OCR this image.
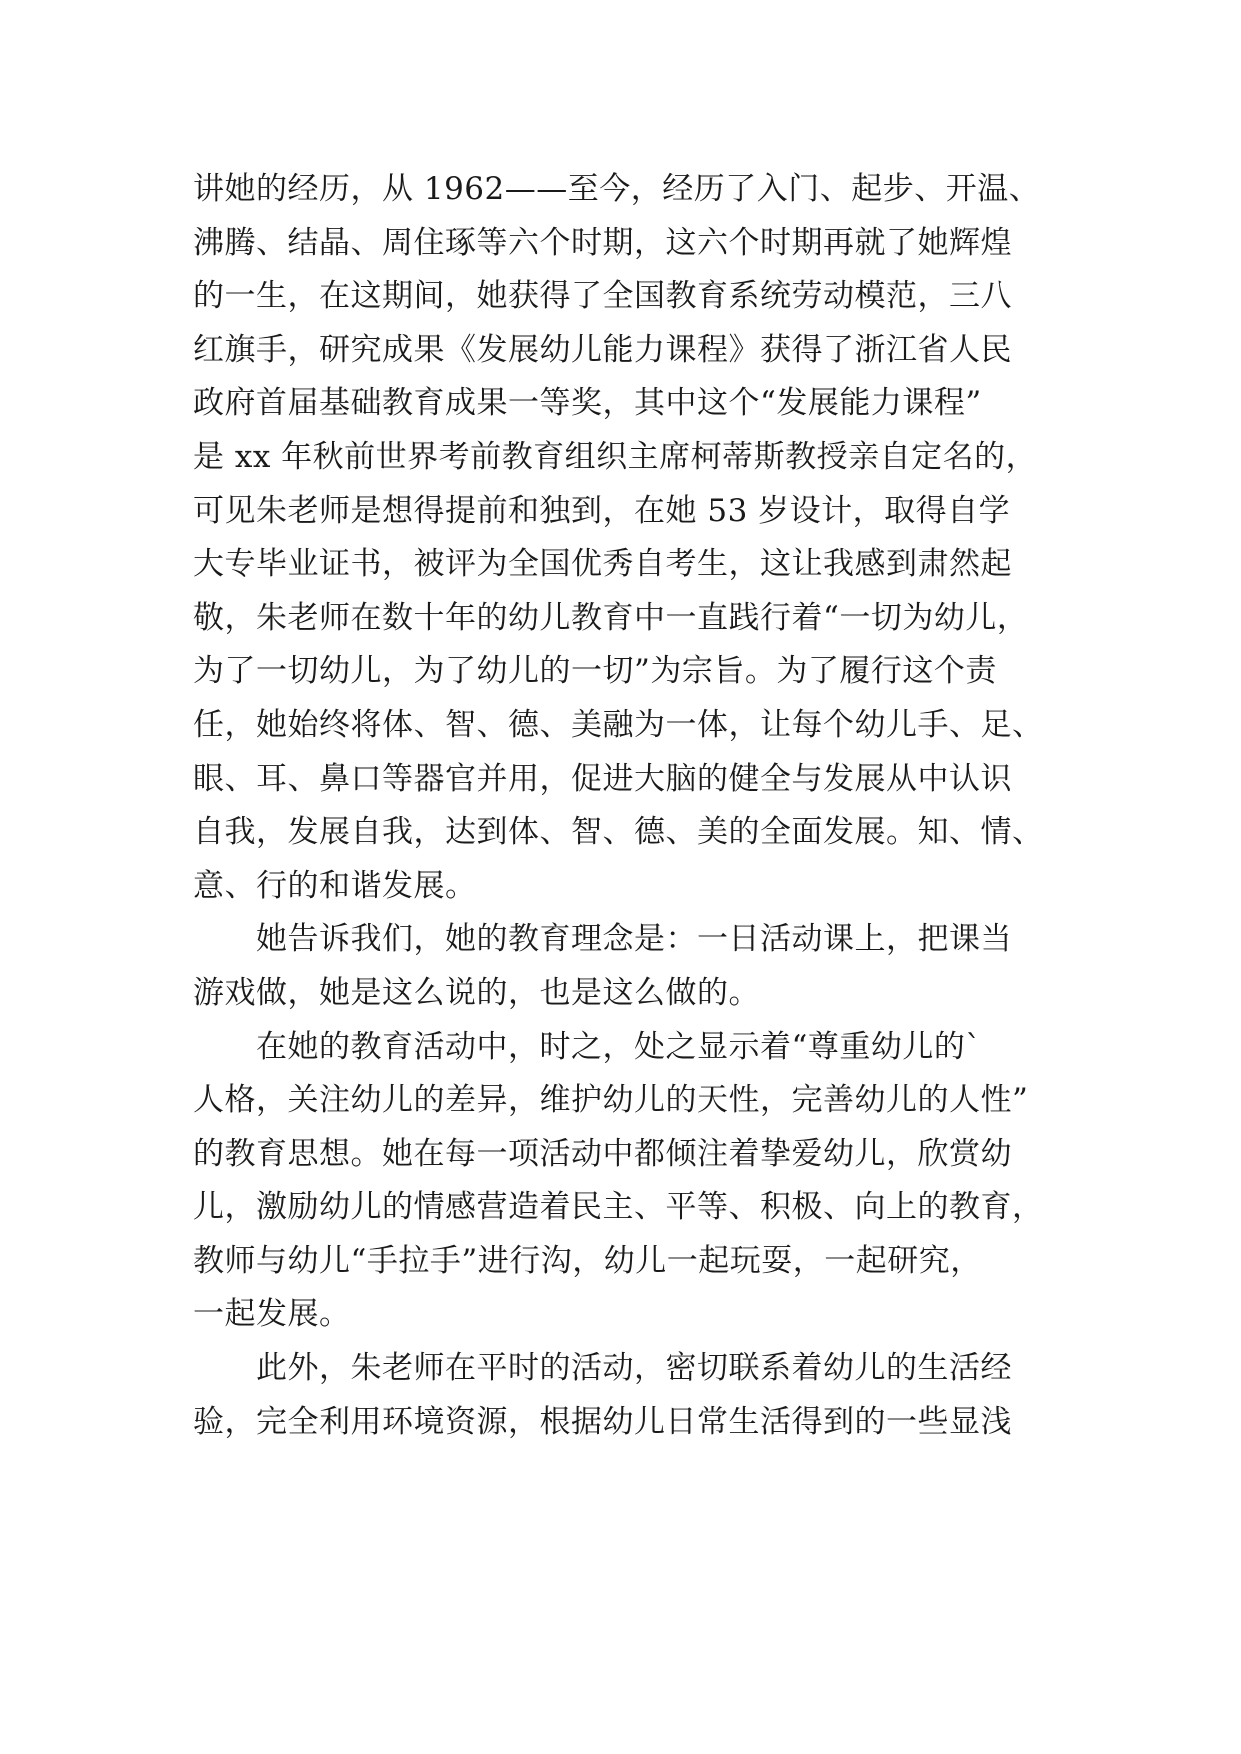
讲她的经历，从 1962——至今，经历了入门、起步、开温、
沸腾、结晶、周住琢等六个时期，这六个时期再就了她辉煌
的一生，在这期间，她获得了全国教育系统劳动模范，三八
红旗手，研究成果《发展幼儿能力课程》获得了浙江省人民
政府首届基础教育成果一等奖，其中这个“发展能力课程”
是 xx 年秋前世界考前教育组织主席柯蒂斯教授亲自定名的，
可见朱老师是想得提前和独到，在她 53 岁设计，取得自学
大专毕业证书，被评为全国优秀自考生，这让我感到肃然起
敬，朱老师在数十年的幼儿教育中一直践行着“一切为幼儿，
为了一切幼儿，为了幼儿的一切”为宗旨。为了履行这个责
任，她始终将体、智、德、美融为一体，让每个幼儿手、足、
眼、耳、鼻口等器官并用，促进大脑的健全与发展从中认识
自我，发展自我，达到体、智、德、美的全面发展。知、情、
意、行的和谐发展。
她告诉我们，她的教育理念是：一日活动课上，把课当
游戏做，她是这么说的，也是这么做的。
在她的教育活动中，时之，处之显示着“尊重幼儿的`
人格，关注幼儿的差异，维护幼儿的天性，完善幼儿的人性”
的教育思想。她在每一项活动中都倾注着挚爱幼儿，欣赏幼
儿，激励幼儿的情感营造着民主、平等、积极、向上的教育，
教师与幼儿“手拉手”进行沟，幼儿一起玩耍，一起研究，
一起发展。
此外，朱老师在平时的活动，密切联系着幼儿的生活经
验，完全利用环境资源，根据幼儿日常生活得到的一些显浅
